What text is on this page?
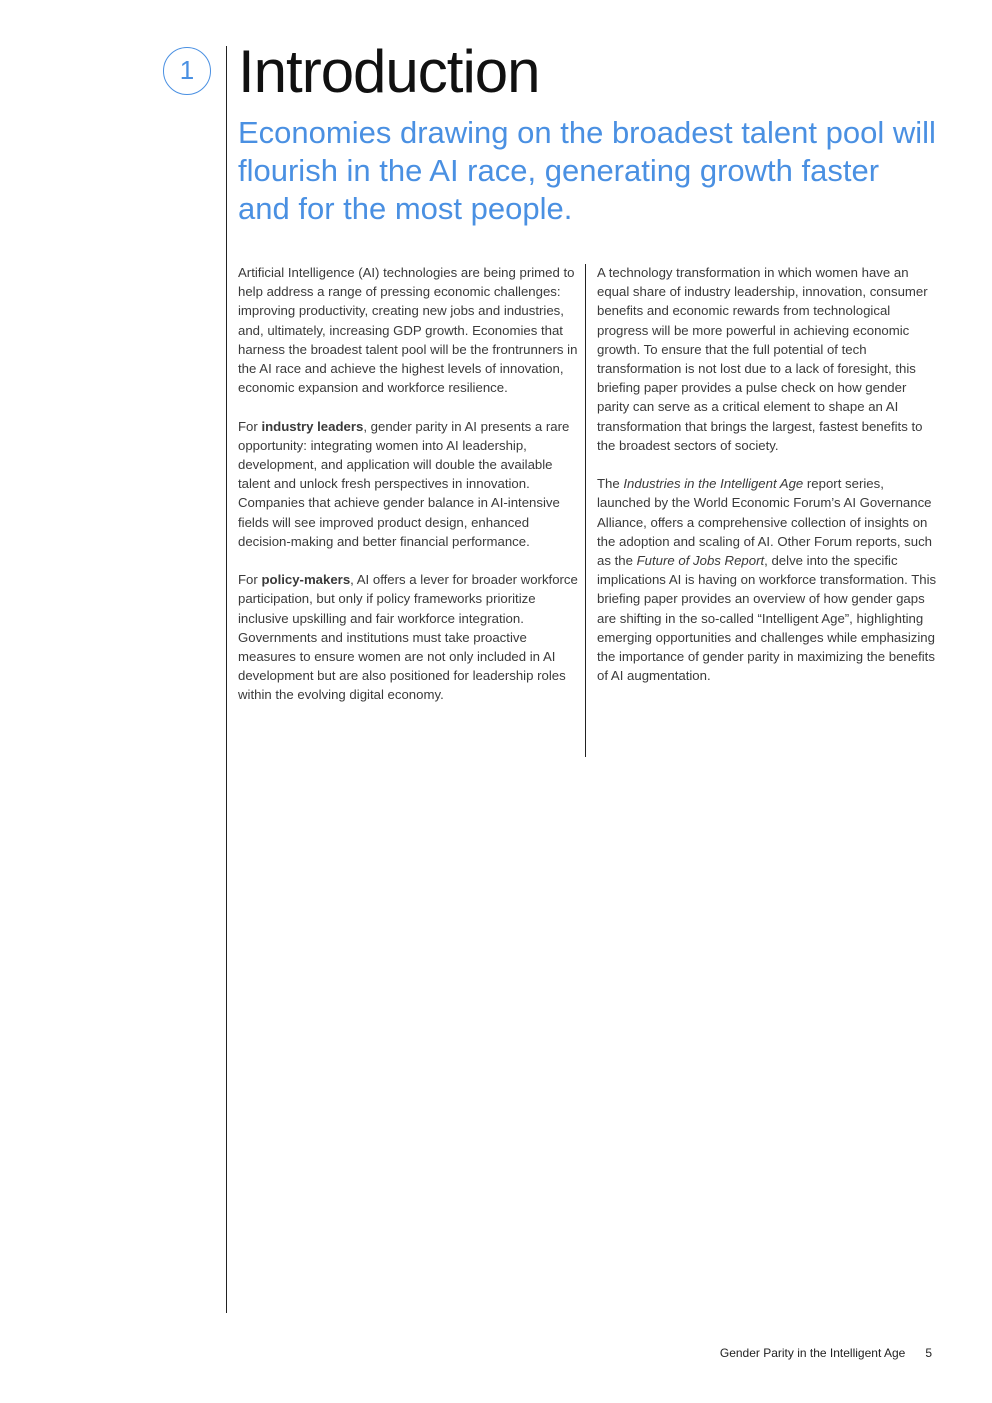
1 Introduction
Economies drawing on the broadest talent pool will flourish in the AI race, generating growth faster and for the most people.

Artificial Intelligence (AI) technologies are being primed to help address a range of pressing economic challenges: improving productivity, creating new jobs and industries, and, ultimately, increasing GDP growth. Economies that harness the broadest talent pool will be the frontrunners in the AI race and achieve the highest levels of innovation, economic expansion and workforce resilience.

For industry leaders, gender parity in AI presents a rare opportunity: integrating women into AI leadership, development, and application will double the available talent and unlock fresh perspectives in innovation. Companies that achieve gender balance in AI-intensive fields will see improved product design, enhanced decision-making and better financial performance.

For policy-makers, AI offers a lever for broader workforce participation, but only if policy frameworks prioritize inclusive upskilling and fair workforce integration. Governments and institutions must take proactive measures to ensure women are not only included in AI development but are also positioned for leadership roles within the evolving digital economy.

A technology transformation in which women have an equal share of industry leadership, innovation, consumer benefits and economic rewards from technological progress will be more powerful in achieving economic growth. To ensure that the full potential of tech transformation is not lost due to a lack of foresight, this briefing paper provides a pulse check on how gender parity can serve as a critical element to shape an AI transformation that brings the largest, fastest benefits to the broadest sectors of society.

The Industries in the Intelligent Age report series, launched by the World Economic Forum’s AI Governance Alliance, offers a comprehensive collection of insights on the adoption and scaling of AI. Other Forum reports, such as the Future of Jobs Report, delve into the specific implications AI is having on workforce transformation. This briefing paper provides an overview of how gender gaps are shifting in the so-called “Intelligent Age”, highlighting emerging opportunities and challenges while emphasizing the importance of gender parity in maximizing the benefits of AI augmentation.

Gender Parity in the Intelligent Age 5
